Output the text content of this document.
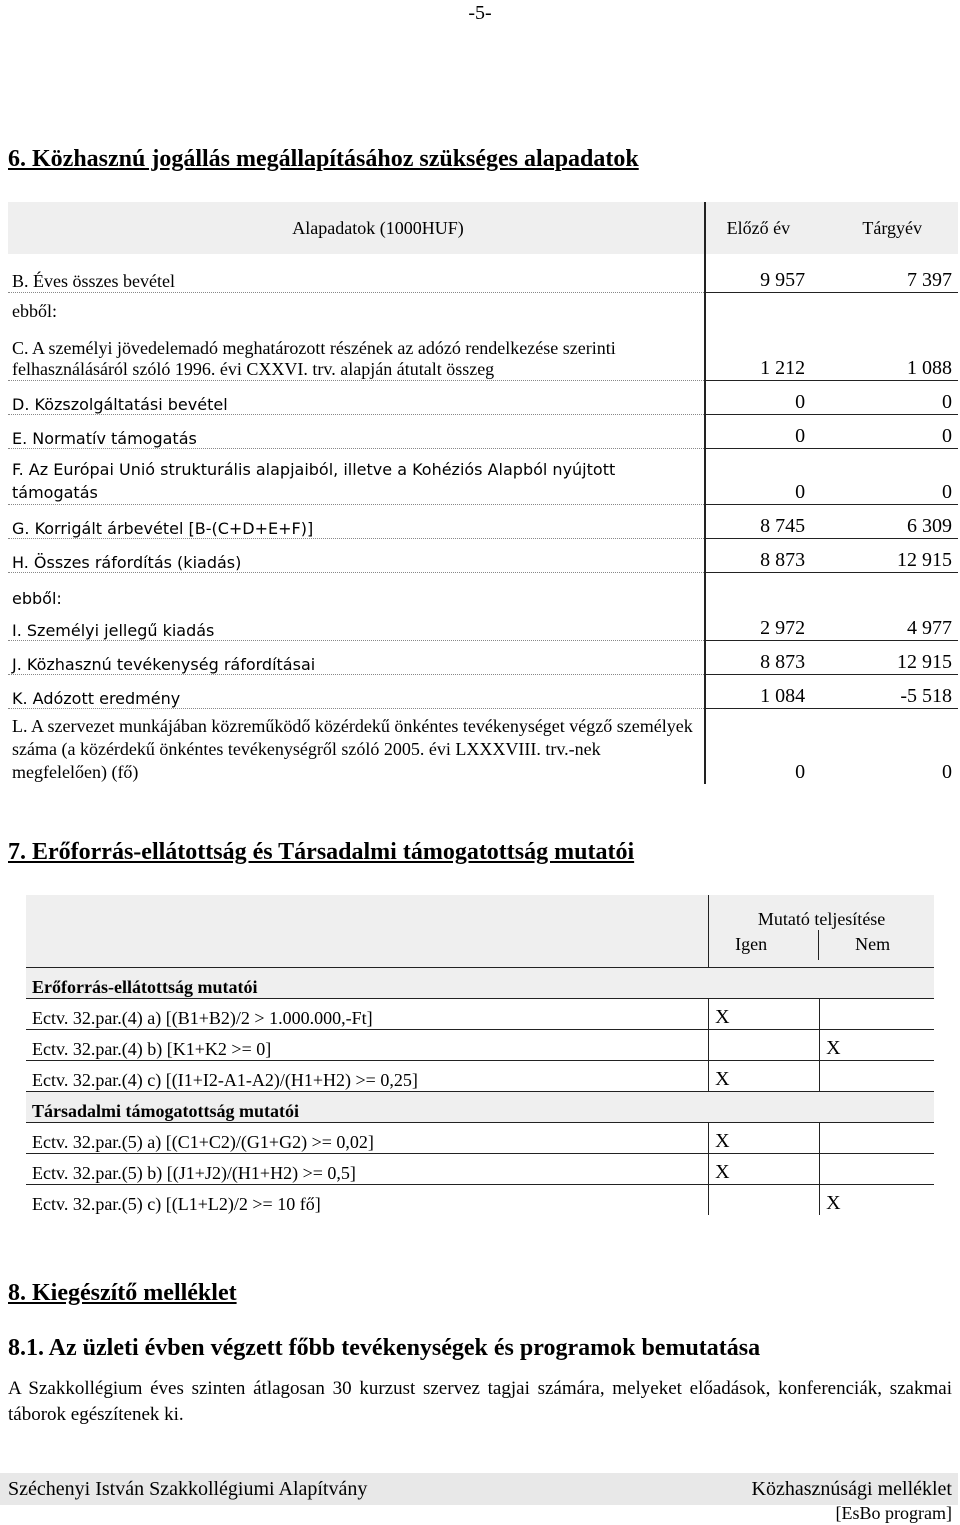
-5-
6. Közhasznú jogállás megállapításához szükséges alapadatok
Alapadatok (1000HUF)	Előző év	Tárgyév
B. Éves összes bevétel	9 957	7 397
ebből:		
C. A személyi jövedelemadó meghatározott részének az adózó rendelkezése szerinti felhasználásáról szóló 1996. évi CXXVI. trv. alapján átutalt összeg	1 212	1 088
D. Közszolgáltatási bevétel	0	0
E. Normatív támogatás	0	0
F. Az Európai Unió strukturális alapjaiból, illetve a Kohéziós Alapból nyújtott támogatás	0	0
G. Korrigált árbevétel [B-(C+D+E+F)]	8 745	6 309
H. Összes ráfordítás (kiadás)	8 873	12 915
ebből:		
I. Személyi jellegű kiadás	2 972	4 977
J. Közhasznú tevékenység ráfordításai	8 873	12 915
K. Adózott eredmény	1 084	-5 518
L. A szervezet munkájában közreműködő közérdekű önkéntes tevékenységet végző személyek száma (a közérdekű önkéntes tevékenységről szóló 2005. évi LXXXVIII. trv.-nek megfelelően) (fő)	0	0
7. Erőforrás-ellátottság és Társadalmi támogatottság mutatói

	Mutató teljesítése
Igen Nem	

Erőforrás-ellátottság mutatói		
Ectv. 32.par.(4) a) [(B1+B2)/2 > 1.000.000,-Ft]	X	
Ectv. 32.par.(4) b) [K1+K2 >= 0]		X
Ectv. 32.par.(4) c) [(I1+I2-A1-A2)/(H1+H2) >= 0,25]	X	
Társadalmi támogatottság mutatói		
Ectv. 32.par.(5) a) [(C1+C2)/(G1+G2) >= 0,02]	X	
Ectv. 32.par.(5) b) [(J1+J2)/(H1+H2) >= 0,5]	X	
Ectv. 32.par.(5) c) [(L1+L2)/2 >= 10 fő]		X
8. Kiegészítő melléklet
8.1. Az üzleti évben végzett főbb tevékenységek és programok bemutatása
A Szakkollégium éves szinten átlagosan 30 kurzust szervez tagjai számára, melyeket előadások, konferenciák, szakmai táborok egészítenek ki.
Széchenyi István Szakkollégiumi Alapítvány	Közhasznúsági melléklet
[EsBo program]
